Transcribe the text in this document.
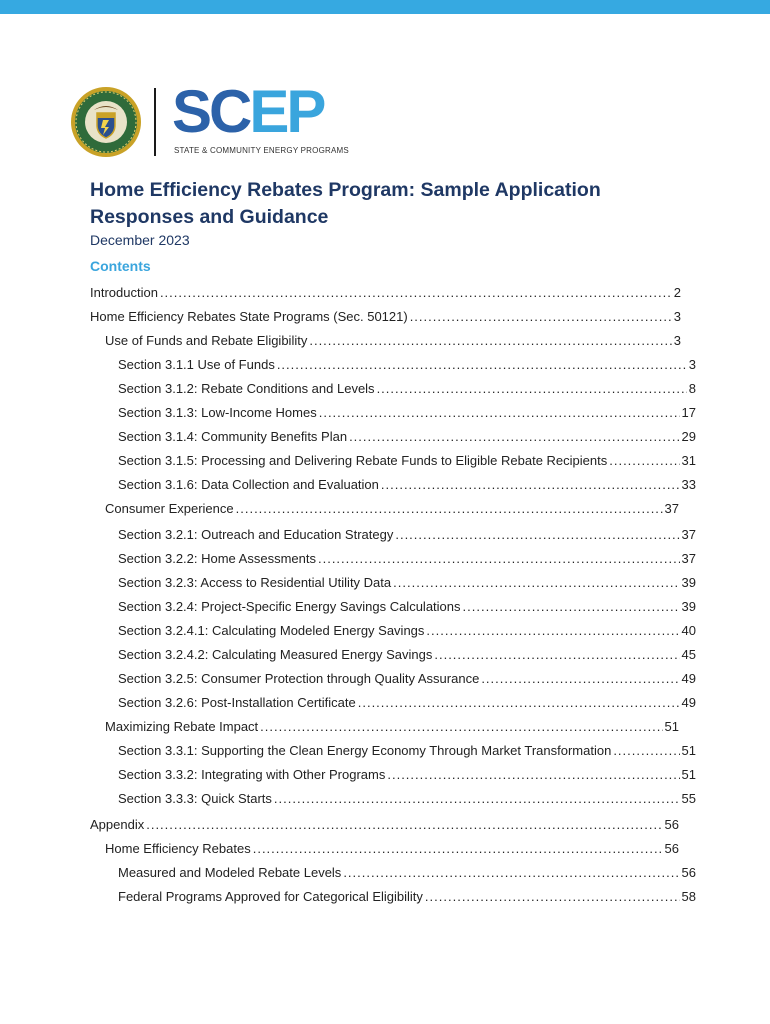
SCEP
STATE & COMMUNITY ENERGY PROGRAMS
Home Efficiency Rebates Program: Sample Application Responses and Guidance
December 2023
Contents
Introduction .....	2
Home Efficiency Rebates State Programs (Sec. 50121) .....	3
Use of Funds and Rebate Eligibility .....	3
Section 3.1.1 Use of Funds .....	3
Section 3.1.2: Rebate Conditions and Levels .....	8
Section 3.1.3: Low-Income Homes .....	17
Section 3.1.4: Community Benefits Plan .....	29
Section 3.1.5: Processing and Delivering Rebate Funds to Eligible Rebate Recipients .....	31
Section 3.1.6: Data Collection and Evaluation .....	33
Consumer Experience .....	37
Section 3.2.1: Outreach and Education Strategy .....	37
Section 3.2.2: Home Assessments .....	37
Section 3.2.3: Access to Residential Utility Data .....	39
Section 3.2.4: Project-Specific Energy Savings Calculations .....	39
Section 3.2.4.1: Calculating Modeled Energy Savings .....	40
Section 3.2.4.2: Calculating Measured Energy Savings .....	45
Section 3.2.5: Consumer Protection through Quality Assurance .....	49
Section 3.2.6: Post-Installation Certificate .....	49
Maximizing Rebate Impact .....	51
Section 3.3.1: Supporting the Clean Energy Economy Through Market Transformation .....	51
Section 3.3.2: Integrating with Other Programs .....	51
Section 3.3.3: Quick Starts .....	55
Appendix .....	56
Home Efficiency Rebates .....	56
Measured and Modeled Rebate Levels .....	56
Federal Programs Approved for Categorical Eligibility .....	58
